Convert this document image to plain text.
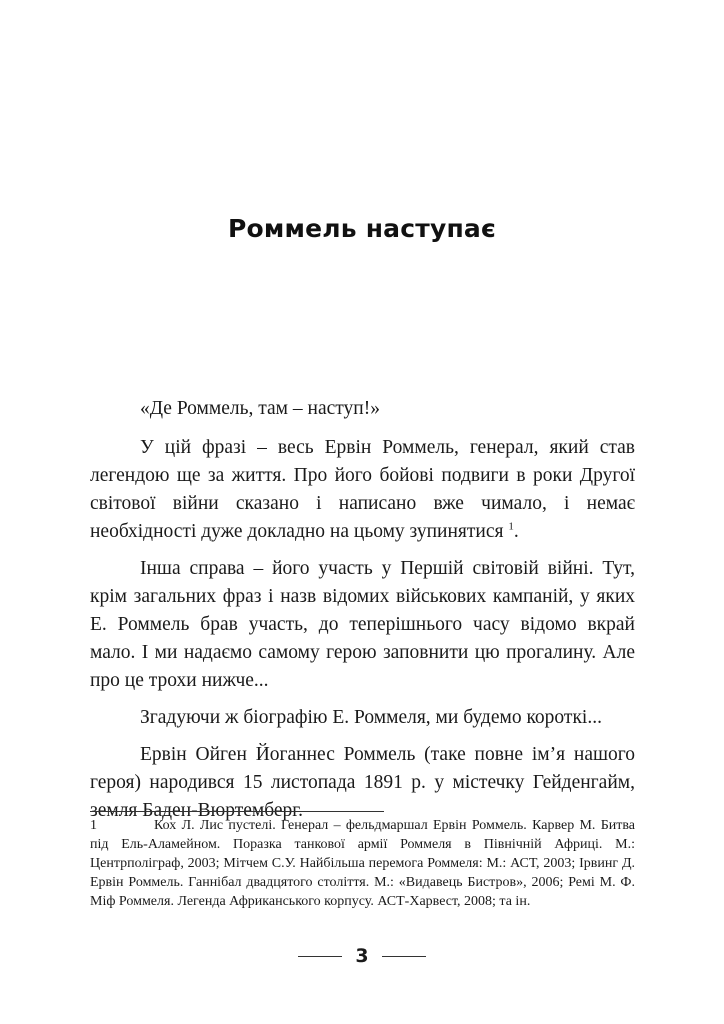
Роммель наступає

«Де Роммель, там – наступ!»

У цій фразі – весь Ервін Роммель, генерал, який став легендою ще за життя. Про його бойові подвиги в роки Другої світової війни сказано і написано вже чимало, і немає необхідності дуже докладно на цьому зупинятися $^1$.

Інша справа – його участь у Першій світовій війні. Тут, крім загальних фраз і назв відомих військових кампаній, у яких Е. Роммель брав участь, до теперішнього часу відомо вкрай мало. І ми надаємо самому герою заповнити цю прогалину. Але про це трохи нижче...

Згадуючи ж біографію Е. Роммеля, ми будемо короткі...

Ервін Ойген Йоганнес Роммель (таке повне ім’я нашого героя) народився 15 листопада 1891 р. у містечку Гейденгайм, земля Баден-Вюртемберг.

1	Кох Л. Лис пустелі. Генерал – фельдмаршал Ервін Роммель. Карвер М. Битва під Ель-Аламейном. Поразка танкової армії Роммеля в Північній Африці. М.: Центрполіграф, 2003; Мітчем С.У. Найбільша перемога Роммеля: М.: АСТ, 2003; Ірвинг Д. Ервін Роммель. Ганнібал двадцятого століття. М.: «Видавець Бистров», 2006; Ремі М. Ф. Міф Роммеля. Легенда Африканського корпусу. АСТ-Харвест, 2008; та ін.
3
